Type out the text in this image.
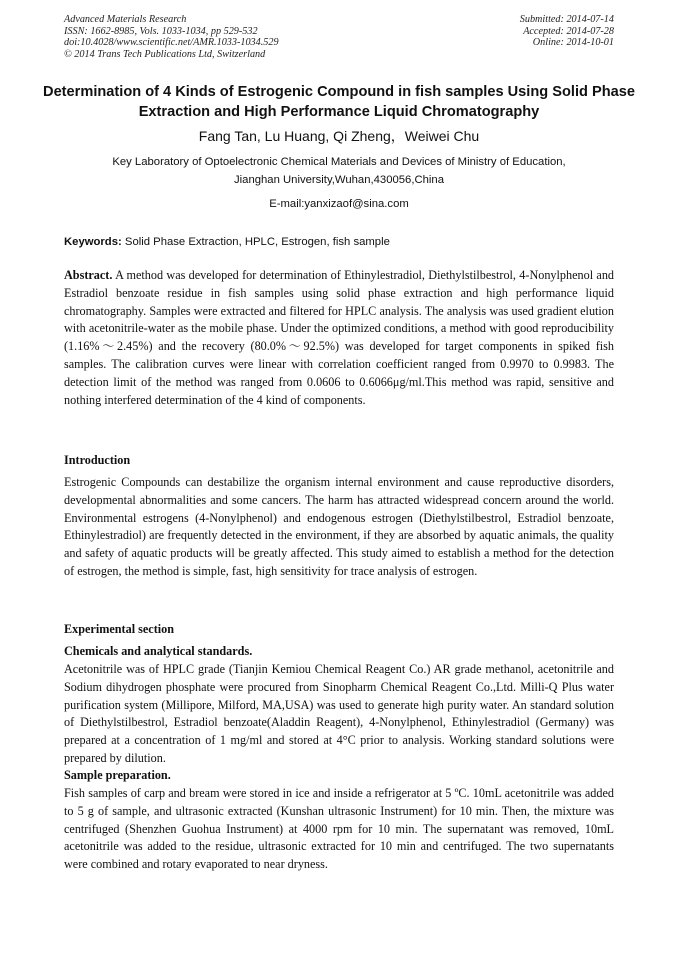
Advanced Materials Research
ISSN: 1662-8985, Vols. 1033-1034, pp 529-532
doi:10.4028/www.scientific.net/AMR.1033-1034.529
© 2014 Trans Tech Publications Ltd, Switzerland
Submitted: 2014-07-14
Accepted: 2014-07-28
Online: 2014-10-01
Determination of 4 Kinds of Estrogenic Compound in fish samples Using Solid Phase Extraction and High Performance Liquid Chromatography
Fang Tan, Lu Huang, Qi Zheng，Weiwei Chu
Key Laboratory of Optoelectronic Chemical Materials and Devices of Ministry of Education,
Jianghan University,Wuhan,430056,China
E-mail:yanxizaof@sina.com
Keywords: Solid Phase Extraction, HPLC, Estrogen, fish sample
Abstract. A method was developed for determination of Ethinylestradiol, Diethylstilbestrol, 4-Nonylphenol and Estradiol benzoate residue in fish samples using solid phase extraction and high performance liquid chromatography. Samples were extracted and filtered for HPLC analysis. The analysis was used gradient elution with acetonitrile-water as the mobile phase. Under the optimized conditions, a method with good reproducibility (1.16%～2.45%) and the recovery (80.0%～92.5%) was developed for target components in spiked fish samples. The calibration curves were linear with correlation coefficient ranged from 0.9970 to 0.9983. The detection limit of the method was ranged from 0.0606 to 0.6066μg/ml.This method was rapid, sensitive and nothing interfered determination of the 4 kind of components.
Introduction
Estrogenic Compounds can destabilize the organism internal environment and cause reproductive disorders, developmental abnormalities and some cancers. The harm has attracted widespread concern around the world. Environmental estrogens (4-Nonylphenol) and endogenous estrogen (Diethylstilbestrol, Estradiol benzoate, Ethinylestradiol) are frequently detected in the environment, if they are absorbed by aquatic animals, the quality and safety of aquatic products will be greatly affected. This study aimed to establish a method for the detection of estrogen, the method is simple, fast, high sensitivity for trace analysis of estrogen.
Experimental section
Chemicals and analytical standards.
Acetonitrile was of HPLC grade (Tianjin Kemiou Chemical Reagent Co.) AR grade methanol, acetonitrile and Sodium dihydrogen phosphate were procured from Sinopharm Chemical Reagent Co.,Ltd. Milli-Q Plus water purification system (Millipore, Milford, MA,USA) was used to generate high purity water. An standard solution of Diethylstilbestrol, Estradiol benzoate(Aladdin Reagent), 4-Nonylphenol, Ethinylestradiol (Germany) was prepared at a concentration of 1 mg/ml and stored at 4°C prior to analysis. Working standard solutions were prepared by dilution.
Sample preparation.
Fish samples of carp and bream were stored in ice and inside a refrigerator at 5 ºC. 10mL acetonitrile was added to 5 g of sample, and ultrasonic extracted (Kunshan ultrasonic Instrument) for 10 min. Then, the mixture was centrifuged (Shenzhen Guohua Instrument) at 4000 rpm for 10 min. The supernatant was removed, 10mL acetonitrile was added to the residue, ultrasonic extracted for 10 min and centrifuged. The two supernatants were combined and rotary evaporated to near dryness.
